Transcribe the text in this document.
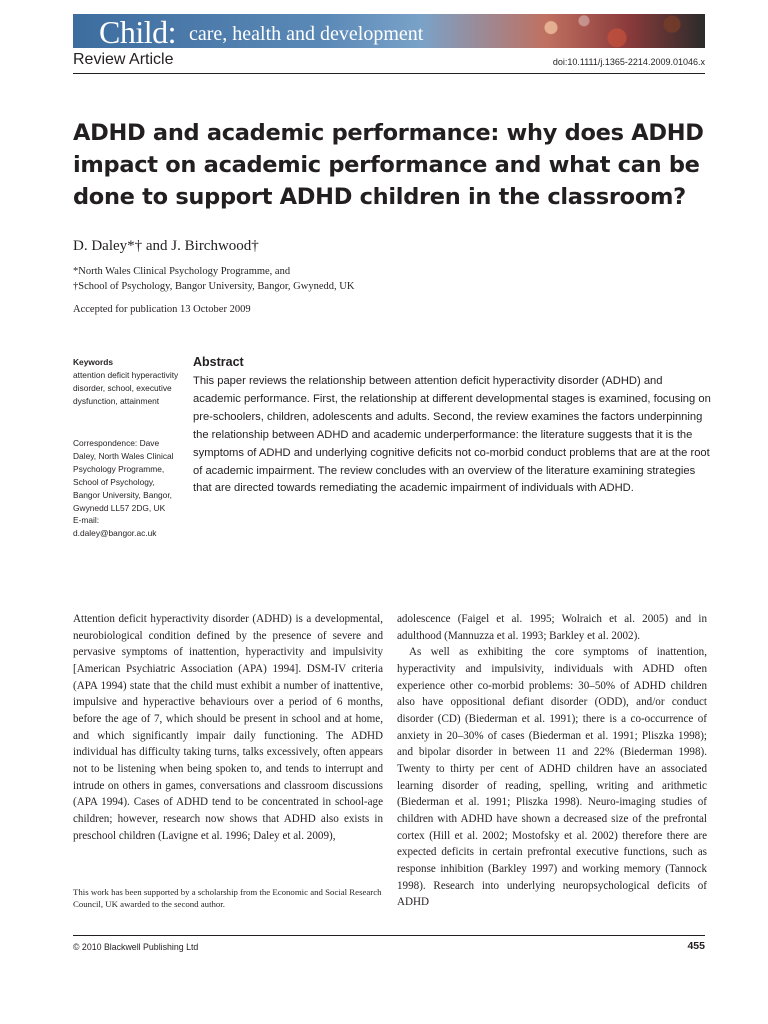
Child: care, health and development
Review Article	doi:10.1111/j.1365-2214.2009.01046.x
ADHD and academic performance: why does ADHD impact on academic performance and what can be done to support ADHD children in the classroom?
D. Daley*† and J. Birchwood†
*North Wales Clinical Psychology Programme, and
†School of Psychology, Bangor University, Bangor, Gwynedd, UK
Accepted for publication 13 October 2009
Keywords
attention deficit hyperactivity disorder, school, executive dysfunction, attainment
Correspondence: Dave Daley, North Wales Clinical Psychology Programme, School of Psychology, Bangor University, Bangor, Gwynedd LL57 2DG, UK
E-mail: d.daley@bangor.ac.uk
Abstract

This paper reviews the relationship between attention deficit hyperactivity disorder (ADHD) and academic performance. First, the relationship at different developmental stages is examined, focusing on pre-schoolers, children, adolescents and adults. Second, the review examines the factors underpinning the relationship between ADHD and academic underperformance: the literature suggests that it is the symptoms of ADHD and underlying cognitive deficits not co-morbid conduct problems that are at the root of academic impairment. The review concludes with an overview of the literature examining strategies that are directed towards remediating the academic impairment of individuals with ADHD.

Attention deficit hyperactivity disorder (ADHD) is a developmental, neurobiological condition defined by the presence of severe and pervasive symptoms of inattention, hyperactivity and impulsivity [American Psychiatric Association (APA) 1994]. DSM-IV criteria (APA 1994) state that the child must exhibit a number of inattentive, impulsive and hyperactive behaviours over a period of 6 months, before the age of 7, which should be present in school and at home, and which significantly impair daily functioning. The ADHD individual has difficulty taking turns, talks excessively, often appears not to be listening when being spoken to, and tends to interrupt and intrude on others in games, conversations and classroom discussions (APA 1994). Cases of ADHD tend to be concentrated in school-age children; however, research now shows that ADHD also exists in preschool children (Lavigne et al. 1996; Daley et al. 2009),

adolescence (Faigel et al. 1995; Wolraich et al. 2005) and in adulthood (Mannuzza et al. 1993; Barkley et al. 2002).

As well as exhibiting the core symptoms of inattention, hyperactivity and impulsivity, individuals with ADHD often experience other co-morbid problems: 30–50% of ADHD children also have oppositional defiant disorder (ODD), and/or conduct disorder (CD) (Biederman et al. 1991); there is a co-occurrence of anxiety in 20–30% of cases (Biederman et al. 1991; Pliszka 1998); and bipolar disorder in between 11 and 22% (Biederman 1998). Twenty to thirty per cent of ADHD children have an associated learning disorder of reading, spelling, writing and arithmetic (Biederman et al. 1991; Pliszka 1998). Neuro-imaging studies of children with ADHD have shown a decreased size of the prefrontal cortex (Hill et al. 2002; Mostofsky et al. 2002) therefore there are expected deficits in certain prefrontal executive functions, such as response inhibition (Barkley 1997) and working memory (Tannock 1998). Research into underlying neuropsychological deficits of ADHD

This work has been supported by a scholarship from the Economic and Social Research Council, UK awarded to the second author.
© 2010 Blackwell Publishing Ltd	455
